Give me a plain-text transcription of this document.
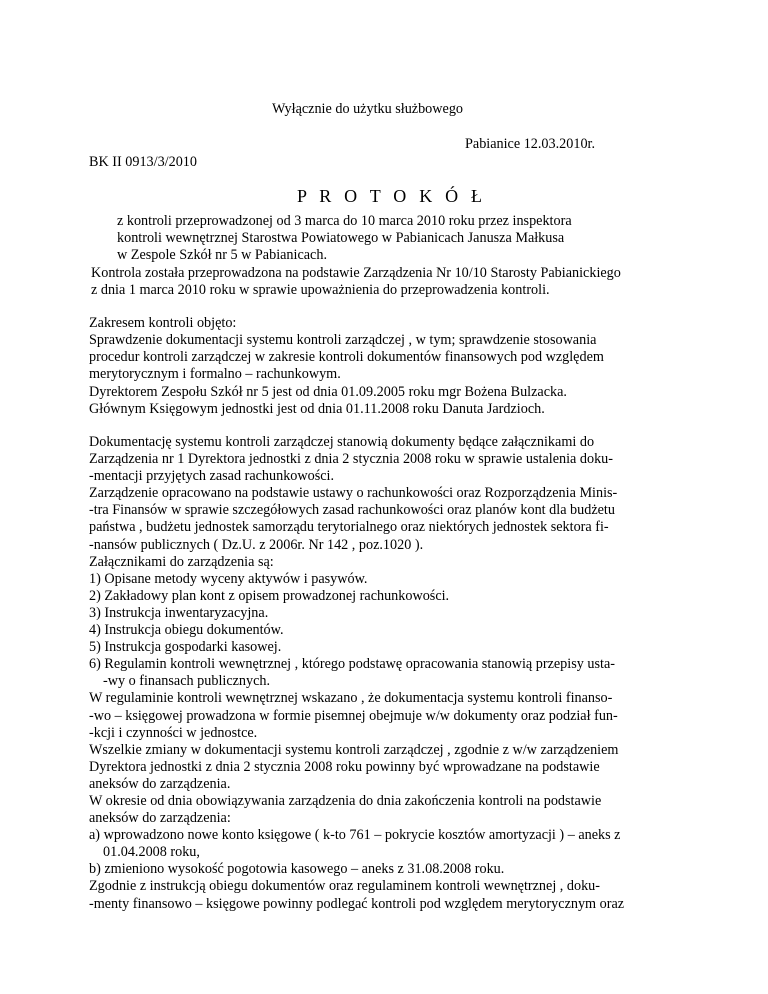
Wyłącznie do użytku służbowego

Pabianice 12.03.2010r.

BK II 0913/3/2010

P R O T O K Ó Ł

z kontroli przeprowadzonej od 3 marca do 10 marca 2010 roku przez inspektora
kontroli wewnętrznej Starostwa Powiatowego w Pabianicach Janusza Małkusa
w Zespole Szkół nr 5 w Pabianicach.
Kontrola została przeprowadzona na podstawie Zarządzenia Nr 10/10 Starosty Pabianickiego
z dnia 1 marca 2010 roku w sprawie upoważnienia do przeprowadzenia kontroli.
Zakresem kontroli objęto:
Sprawdzenie dokumentacji systemu kontroli zarządczej , w tym; sprawdzenie stosowania
procedur kontroli zarządczej w zakresie kontroli dokumentów finansowych pod względem
merytorycznym i formalno – rachunkowym.
Dyrektorem Zespołu Szkół nr 5 jest od dnia 01.09.2005 roku mgr Bożena Bulzacka.
Głównym Księgowym jednostki jest od dnia 01.11.2008 roku Danuta Jardzioch.
Dokumentację systemu kontroli zarządczej stanowią dokumenty będące załącznikami do
Zarządzenia nr 1 Dyrektora jednostki z dnia 2 stycznia 2008 roku w sprawie ustalenia doku-
-mentacji przyjętych zasad rachunkowości.
Zarządzenie opracowano na podstawie ustawy o rachunkowości oraz Rozporządzenia Minis-
-tra Finansów w sprawie szczegółowych zasad rachunkowości oraz planów kont dla budżetu
państwa , budżetu jednostek samorządu terytorialnego oraz niektórych jednostek sektora fi-
-nansów publicznych ( Dz.U. z 2006r. Nr 142 , poz.1020 ).
Załącznikami do zarządzenia są:
1) Opisane metody wyceny aktywów i pasywów.
2) Zakładowy plan kont z opisem prowadzonej rachunkowości.
3) Instrukcja inwentaryzacyjna.
4) Instrukcja obiegu dokumentów.
5) Instrukcja gospodarki kasowej.
6) Regulamin kontroli wewnętrznej , którego podstawę opracowania stanowią przepisy usta-
-wy o finansach publicznych.
W regulaminie kontroli wewnętrznej wskazano , że dokumentacja systemu kontroli finanso-
-wo – księgowej prowadzona w formie pisemnej obejmuje w/w dokumenty oraz podział fun-
-kcji i czynności w jednostce.
Wszelkie zmiany w dokumentacji systemu kontroli zarządczej , zgodnie z w/w zarządzeniem
Dyrektora jednostki z dnia 2 stycznia 2008 roku powinny być wprowadzane na podstawie
aneksów do zarządzenia.
W okresie od dnia obowiązywania zarządzenia do dnia zakończenia kontroli na podstawie
aneksów do zarządzenia:
a) wprowadzono nowe konto księgowe ( k-to 761 – pokrycie kosztów amortyzacji ) – aneks z
01.04.2008 roku,
b) zmieniono wysokość pogotowia kasowego – aneks z 31.08.2008 roku.
Zgodnie z instrukcją obiegu dokumentów oraz regulaminem kontroli wewnętrznej , doku-
-menty finansowo – księgowe powinny podlegać kontroli pod względem merytorycznym oraz
